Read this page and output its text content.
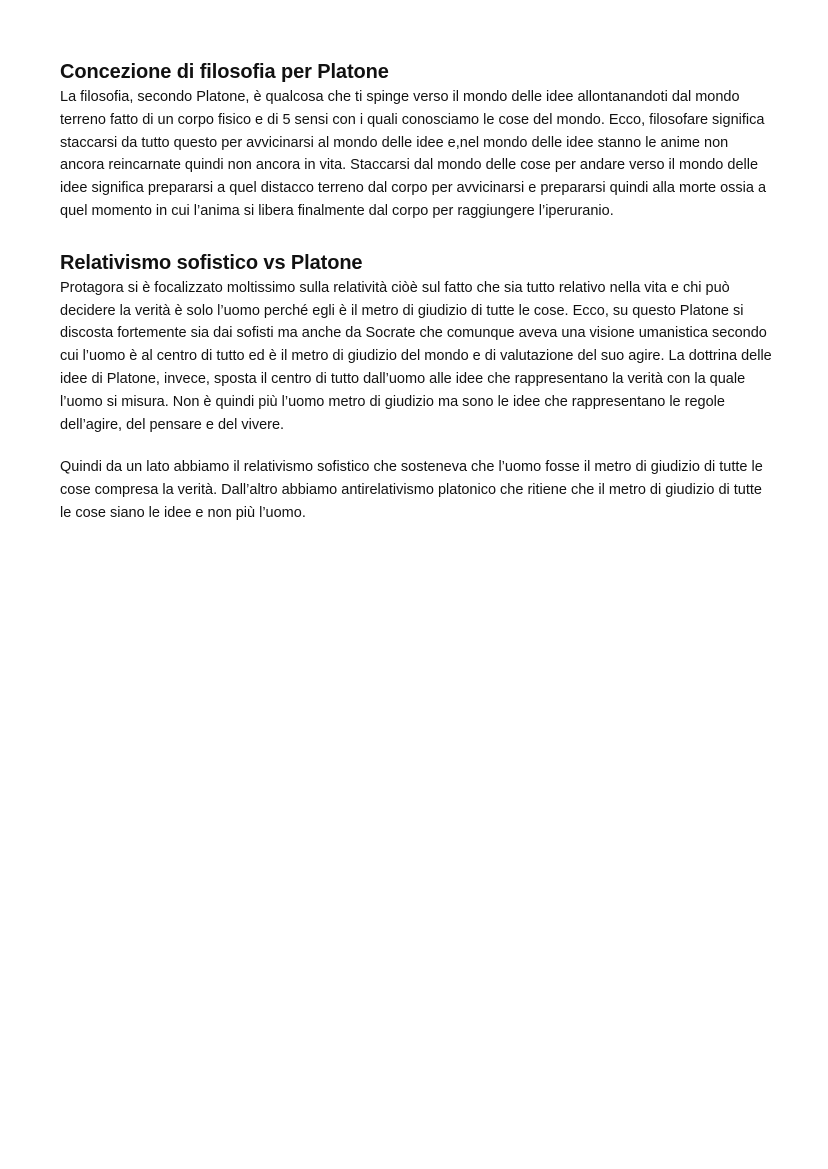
Concezione di filosofia per Platone

La filosofia, secondo Platone, è qualcosa che ti spinge verso il mondo delle idee allontanandoti dal mondo terreno fatto di un corpo fisico e di 5 sensi con i quali conosciamo le cose del mondo. Ecco, filosofare significa staccarsi da tutto questo per avvicinarsi al mondo delle idee e,nel mondo delle idee stanno le anime non ancora reincarnate quindi non ancora in vita. Staccarsi dal mondo delle cose per andare verso il mondo delle idee significa prepararsi a quel distacco terreno dal corpo per avvicinarsi e prepararsi quindi alla morte ossia a quel momento in cui l’anima si libera finalmente dal corpo per raggiungere l’iperuranio.

Relativismo sofistico vs Platone

Protagora si è focalizzato moltissimo sulla relatività ciòè sul fatto che sia tutto relativo nella vita e chi può decidere la verità è solo l’uomo perché egli è il metro di giudizio di tutte le cose. Ecco, su questo Platone si discosta fortemente sia dai sofisti ma anche da Socrate che comunque aveva una visione umanistica secondo cui l’uomo è al centro di tutto ed è il metro di giudizio del mondo e di valutazione del suo agire. La dottrina delle idee di Platone, invece, sposta il centro di tutto dall’uomo alle idee che rappresentano la verità con la quale l’uomo si misura. Non è quindi più l’uomo metro di giudizio ma sono le idee che rappresentano le regole dell’agire, del pensare e del vivere.

Quindi da un lato abbiamo il relativismo sofistico che sosteneva che l’uomo fosse il metro di giudizio di tutte le cose compresa la verità. Dall’altro abbiamo antirelativismo platonico che ritiene che il metro di giudizio di tutte le cose siano le idee e non più l’uomo.
